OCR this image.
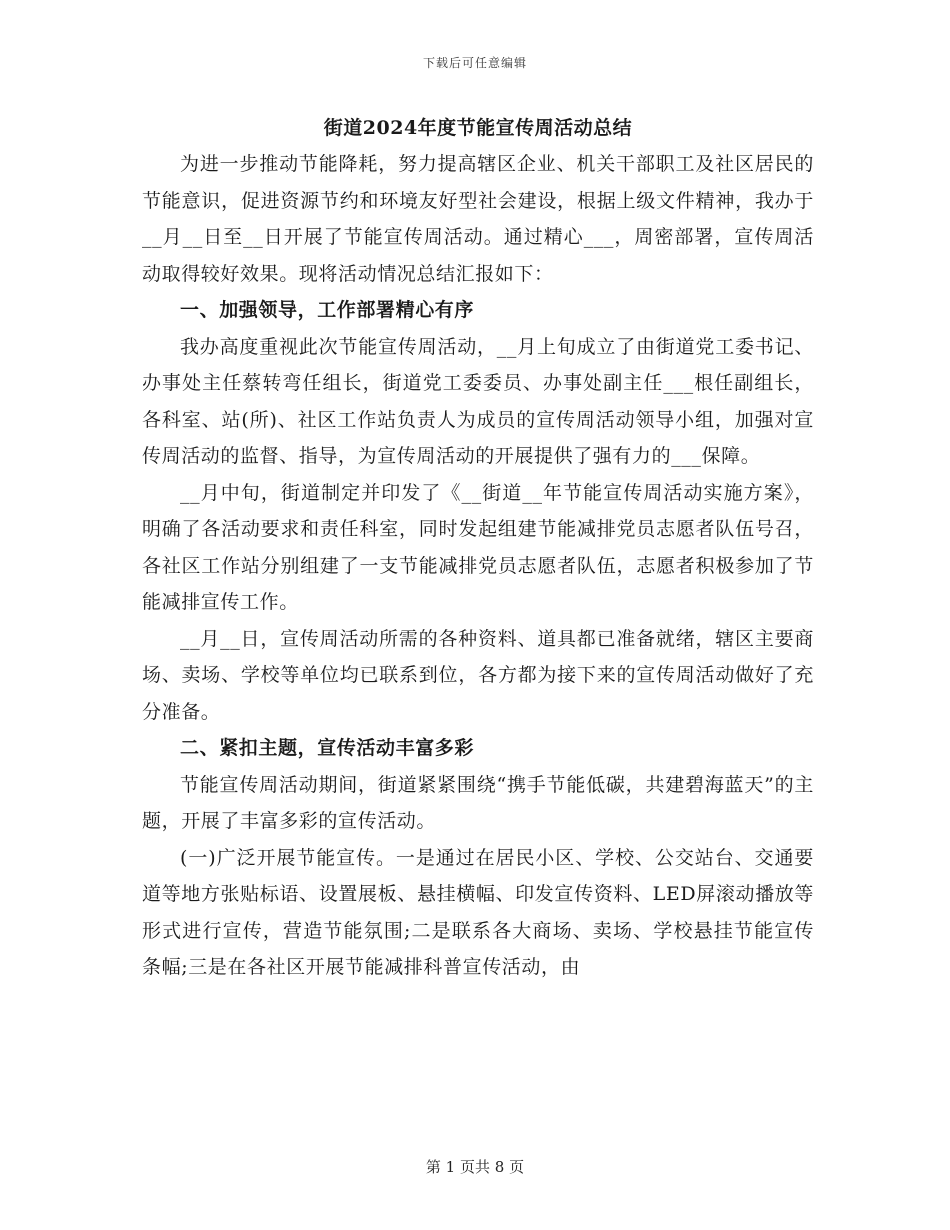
下载后可任意编辑
街道2024年度节能宣传周活动总结

为进一步推动节能降耗，努力提高辖区企业、机关干部职工及社区居民的节能意识，促进资源节约和环境友好型社会建设，根据上级文件精神，我办于__月__日至__日开展了节能宣传周活动。通过精心___，周密部署，宣传周活动取得较好效果。现将活动情况总结汇报如下：

一、加强领导，工作部署精心有序

我办高度重视此次节能宣传周活动，__月上旬成立了由街道党工委书记、办事处主任蔡转弯任组长，街道党工委委员、办事处副主任___根任副组长，各科室、站(所)、社区工作站负责人为成员的宣传周活动领导小组，加强对宣传周活动的监督、指导，为宣传周活动的开展提供了强有力的___保障。

__月中旬，街道制定并印发了《__街道__年节能宣传周活动实施方案》，明确了各活动要求和责任科室，同时发起组建节能减排党员志愿者队伍号召，各社区工作站分别组建了一支节能减排党员志愿者队伍，志愿者积极参加了节能减排宣传工作。

__月__日，宣传周活动所需的各种资料、道具都已准备就绪，辖区主要商场、卖场、学校等单位均已联系到位，各方都为接下来的宣传周活动做好了充分准备。

二、紧扣主题，宣传活动丰富多彩

节能宣传周活动期间，街道紧紧围绕“携手节能低碳，共建碧海蓝天”的主题，开展了丰富多彩的宣传活动。

(一)广泛开展节能宣传。一是通过在居民小区、学校、公交站台、交通要道等地方张贴标语、设置展板、悬挂横幅、印发宣传资料、LED屏滚动播放等形式进行宣传，营造节能氛围;二是联系各大商场、卖场、学校悬挂节能宣传条幅;三是在各社区开展节能减排科普宣传活动，由

第 1 页共 8 页
